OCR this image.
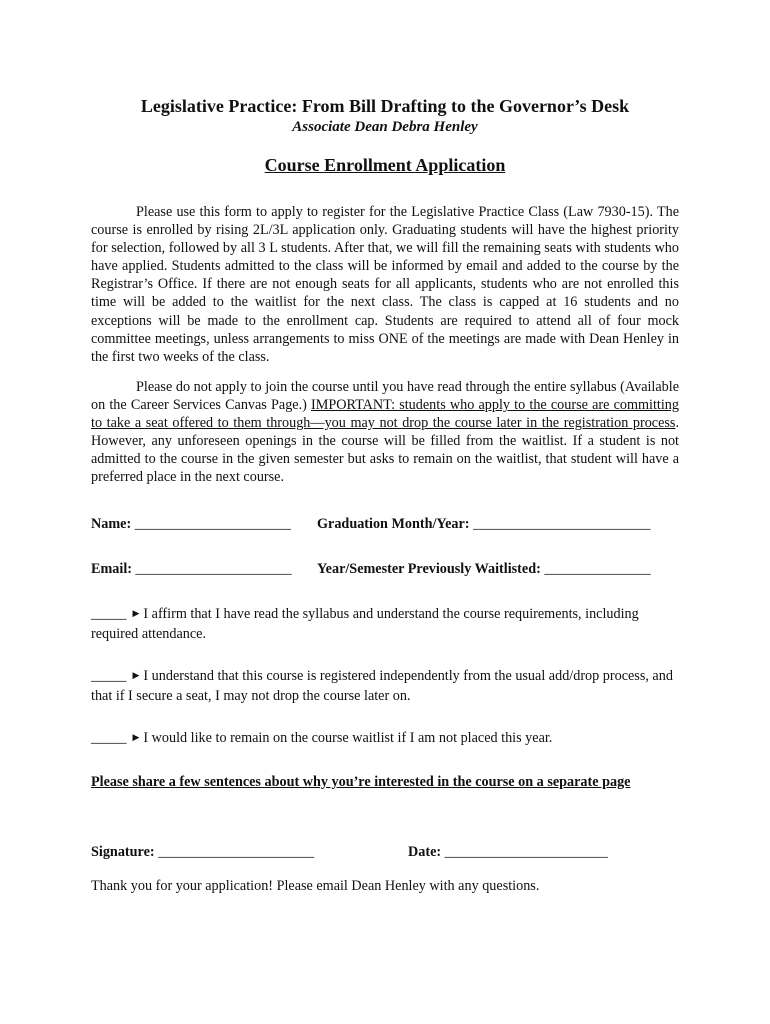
Legislative Practice: From Bill Drafting to the Governor’s Desk
Associate Dean Debra Henley
Course Enrollment Application
Please use this form to apply to register for the Legislative Practice Class (Law 7930-15). The course is enrolled by rising 2L/3L application only. Graduating students will have the highest priority for selection, followed by all 3 L students. After that, we will fill the remaining seats with students who have applied. Students admitted to the class will be informed by email and added to the course by the Registrar’s Office. If there are not enough seats for all applicants, students who are not enrolled this time will be added to the waitlist for the next class. The class is capped at 16 students and no exceptions will be made to the enrollment cap. Students are required to attend all of four mock committee meetings, unless arrangements to miss ONE of the meetings are made with Dean Henley in the first two weeks of the class.
Please do not apply to join the course until you have read through the entire syllabus (Available on the Career Services Canvas Page.) IMPORTANT: students who apply to the course are committing to take a seat offered to them through—you may not drop the course later in the registration process. However, any unforeseen openings in the course will be filled from the waitlist. If a student is not admitted to the course in the given semester but asks to remain on the waitlist, that student will have a preferred place in the next course.
Name: ______________________ Graduation Month/Year: _________________________
Email: ______________________ Year/Semester Previously Waitlisted: _______________
_____ ▶ I affirm that I have read the syllabus and understand the course requirements, including required attendance.
_____ ▶ I understand that this course is registered independently from the usual add/drop process, and that if I secure a seat, I may not drop the course later on.
_____ ▶ I would like to remain on the course waitlist if I am not placed this year.
Please share a few sentences about why you’re interested in the course on a separate page
Signature: ______________________	Date: _______________________
Thank you for your application! Please email Dean Henley with any questions.
